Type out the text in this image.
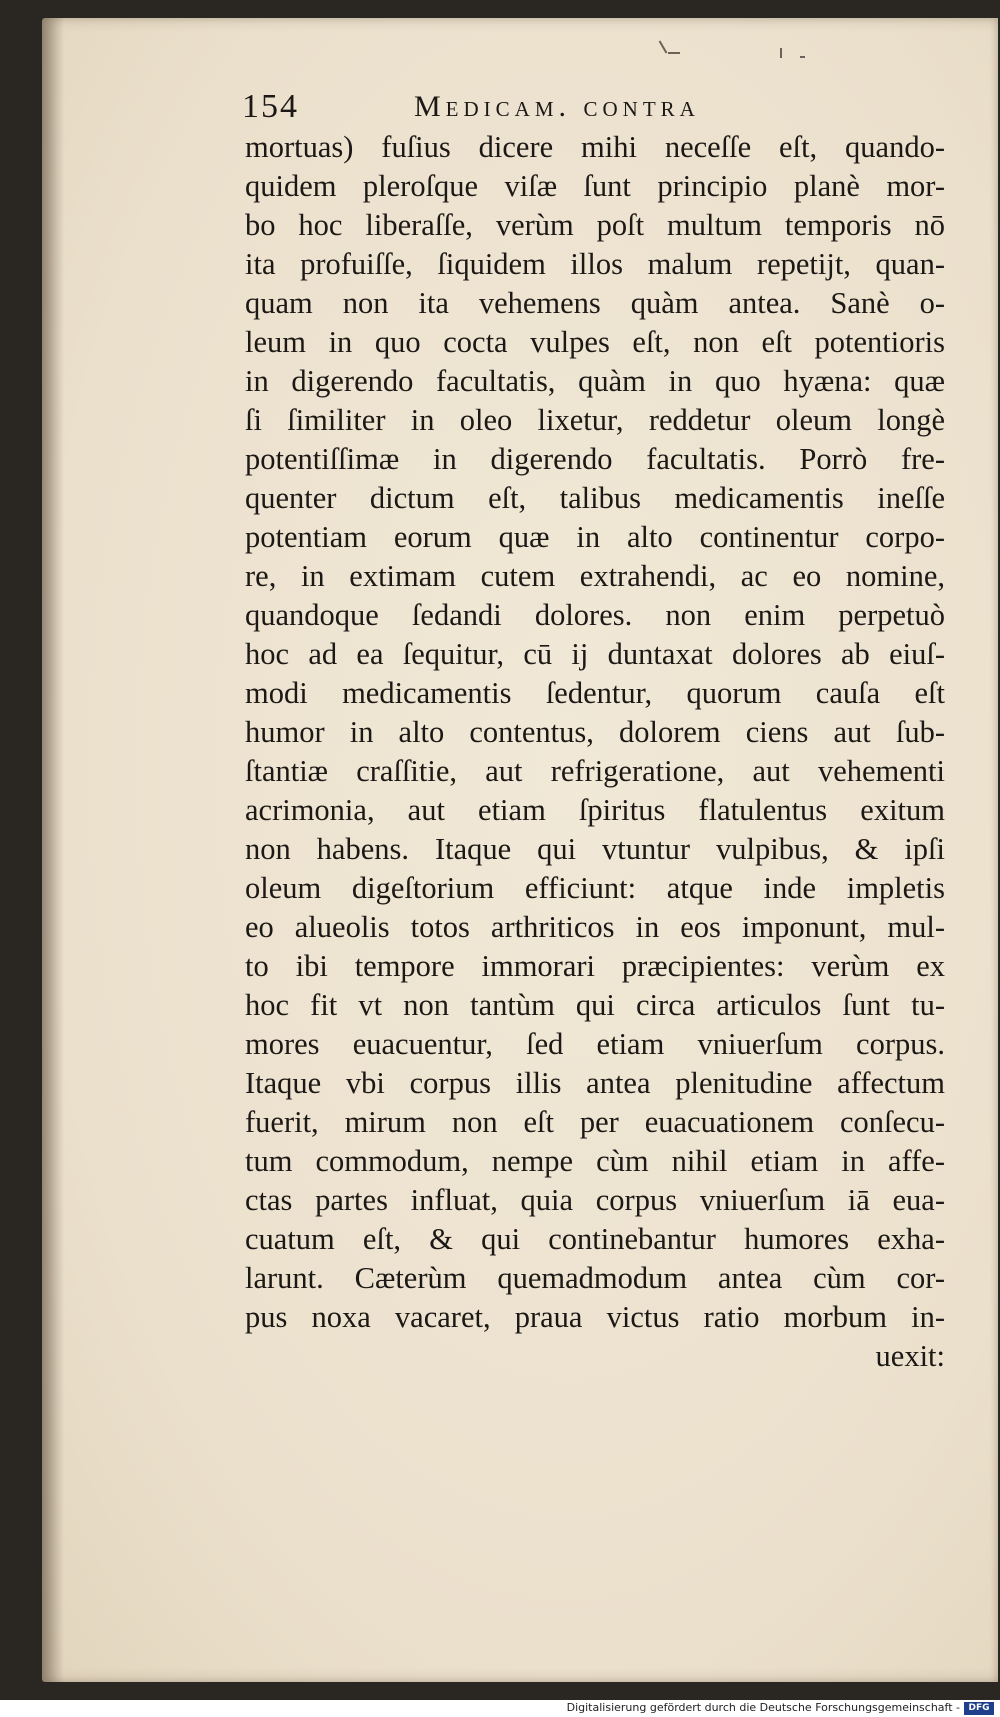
154	Medicam. contra
mortuas) fuſius dicere mihi neceſſe eſt, quando-
quidem pleroſque viſæ ſunt principio planè mor-
bo hoc liberaſſe, verùm poſt multum temporis nō
ita profuiſſe, ſiquidem illos malum repetijt, quan-
quam non ita vehemens quàm antea. Sanè o-
leum in quo cocta vulpes eſt, non eſt potentioris
in digerendo facultatis, quàm in quo hyæna: quæ
ſi ſimiliter in oleo lixetur, reddetur oleum longè
potentiſſimæ in digerendo facultatis. Porrò fre-
quenter dictum eſt, talibus medicamentis ineſſe
potentiam eorum quæ in alto continentur corpo-
re, in extimam cutem extrahendi, ac eo nomine,
quandoque ſedandi dolores. non enim perpetuò
hoc ad ea ſequitur, cū ij duntaxat dolores ab eiuſ-
modi medicamentis ſedentur, quorum cauſa eſt
humor in alto contentus, dolorem ciens aut ſub-
ſtantiæ craſſitie, aut refrigeratione, aut vehementi
acrimonia, aut etiam ſpiritus flatulentus exitum
non habens. Itaque qui vtuntur vulpibus, & ipſi
oleum digeſtorium efficiunt: atque inde impletis
eo alueolis totos arthriticos in eos imponunt, mul-
to ibi tempore immorari præcipientes: verùm ex
hoc fit vt non tantùm qui circa articulos ſunt tu-
mores euacuentur, ſed etiam vniuerſum corpus.
Itaque vbi corpus illis antea plenitudine affectum
fuerit, mirum non eſt per euacuationem conſecu-
tum commodum, nempe cùm nihil etiam in affe-
ctas partes influat, quia corpus vniuerſum iā eua-
cuatum eſt, & qui continebantur humores exha-
larunt. Cæterùm quemadmodum antea cùm cor-
pus noxa vacaret, praua victus ratio morbum in-
uexit:
Digitalisierung gefördert durch die Deutsche Forschungsgemeinschaft - DFG
